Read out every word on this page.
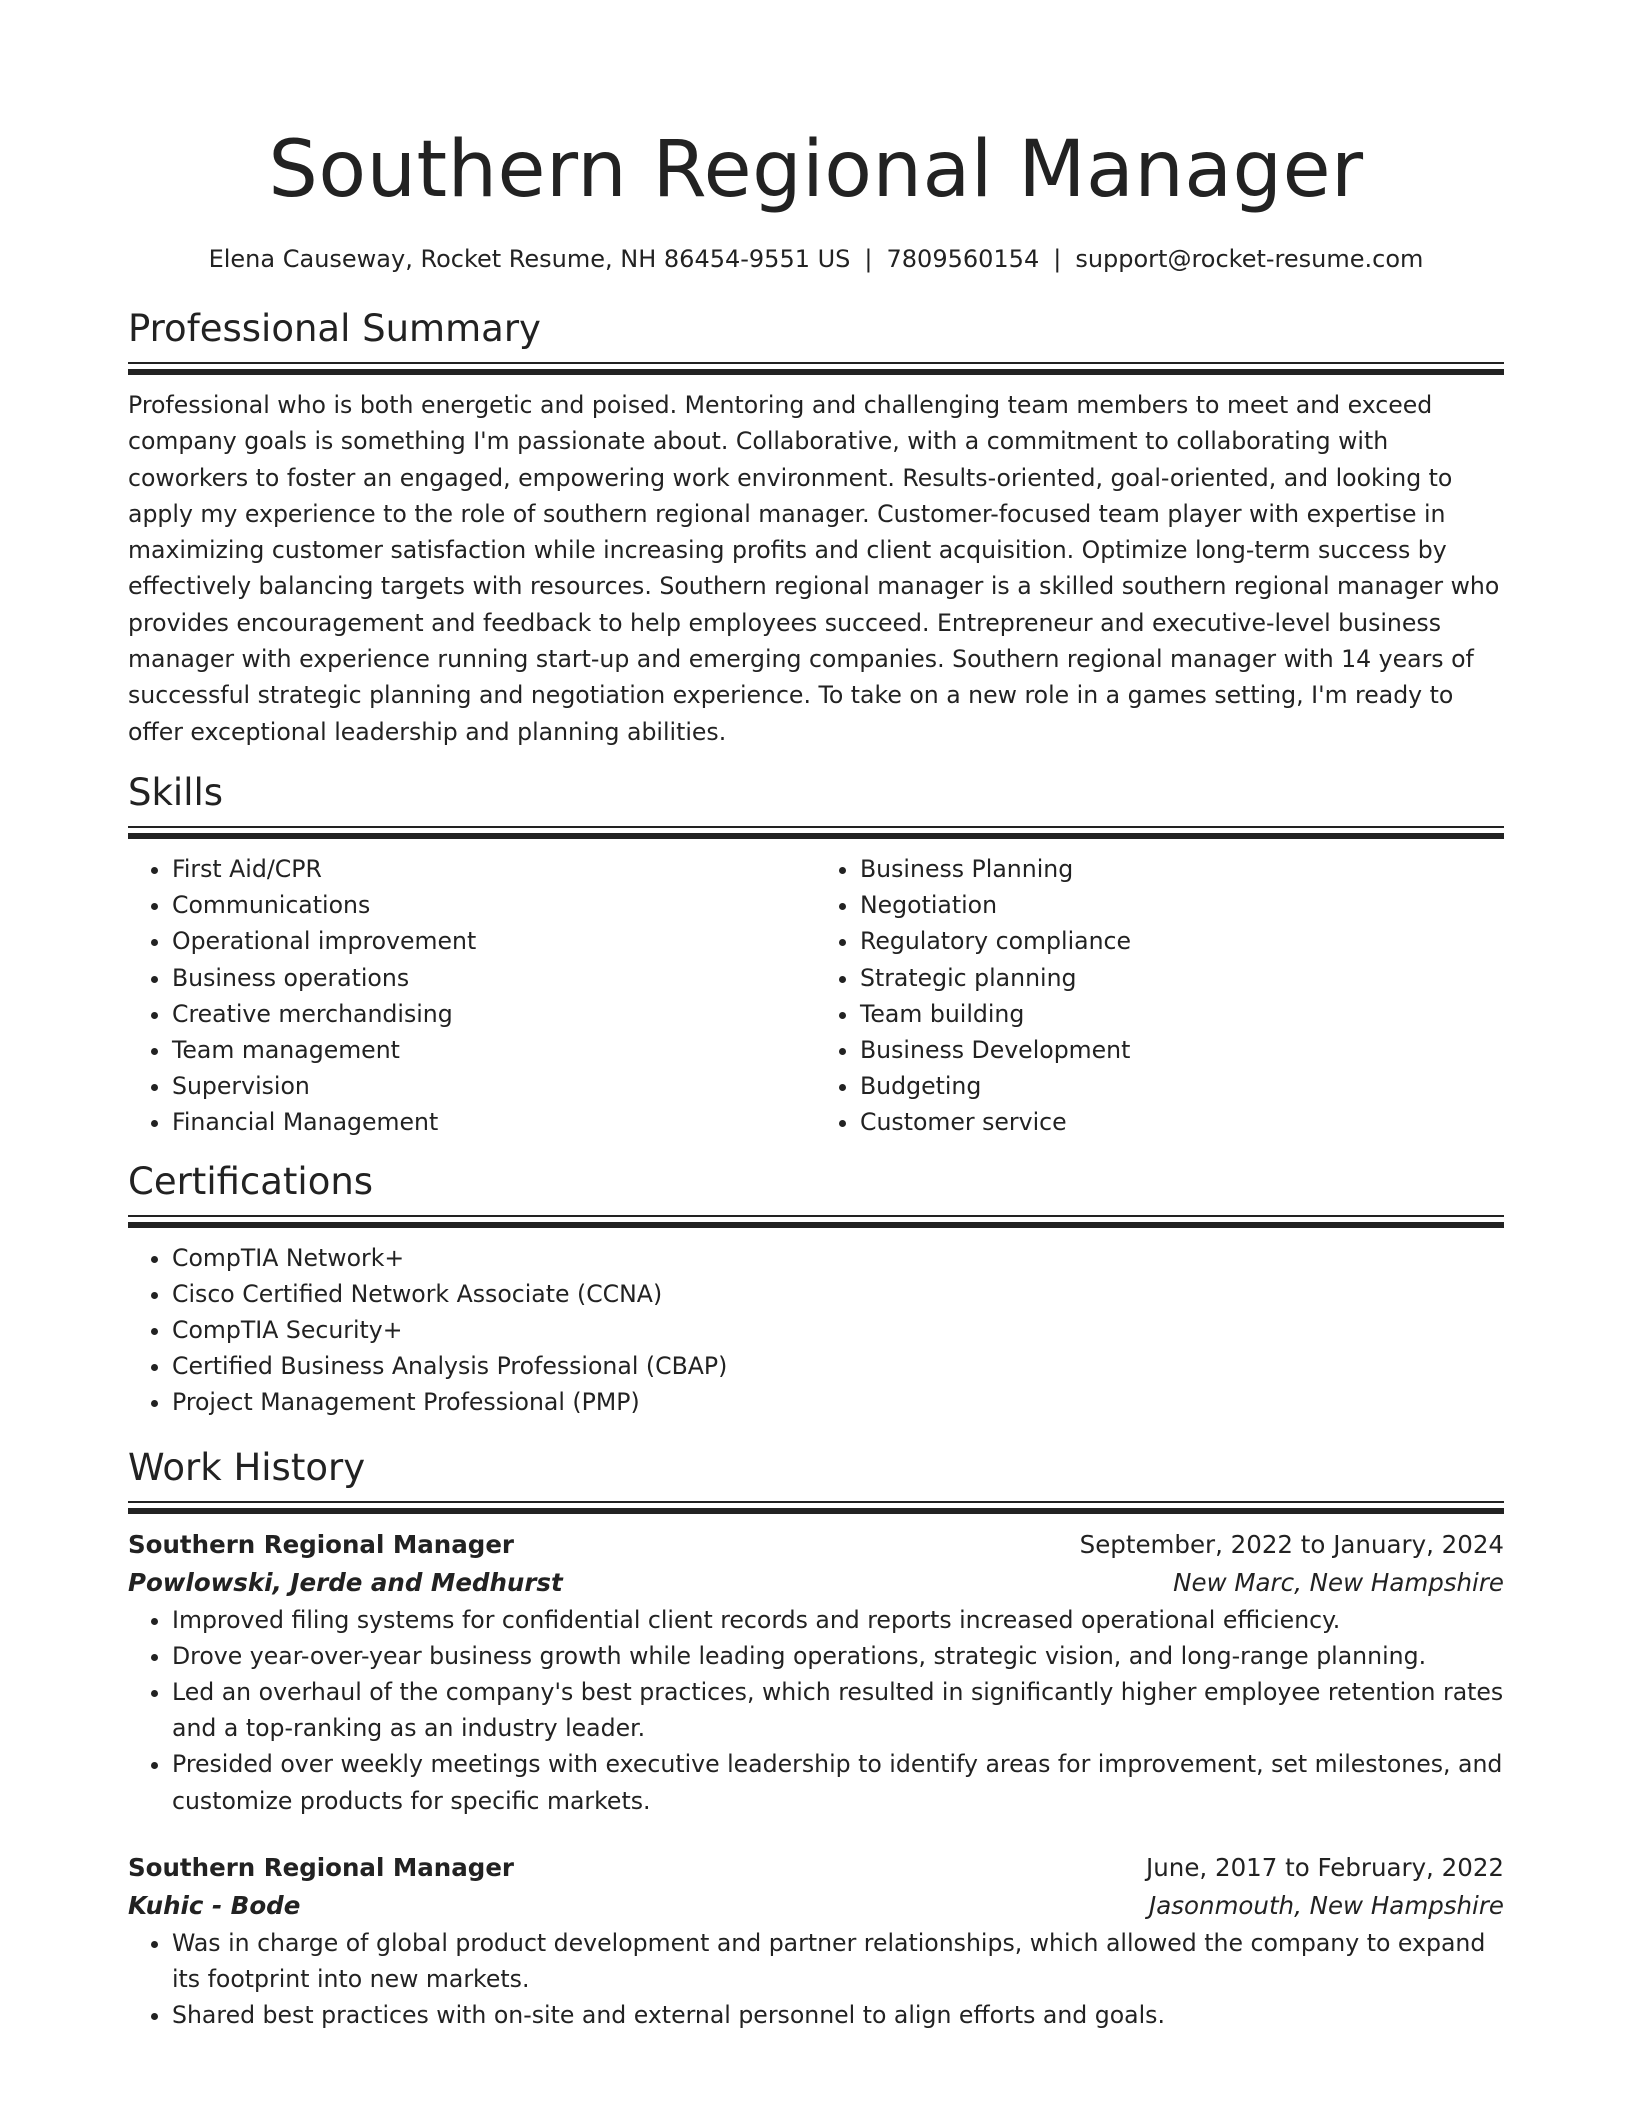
Southern Regional Manager
Elena Causeway, Rocket Resume, NH 86454-9551 US | 7809560154 | support@rocket-resume.com
Professional Summary

Professional who is both energetic and poised. Mentoring and challenging team members to meet and exceed company goals is something I'm passionate about. Collaborative, with a commitment to collaborating with coworkers to foster an engaged, empowering work environment. Results-oriented, goal-oriented, and looking to apply my experience to the role of southern regional manager. Customer-focused team player with expertise in maximizing customer satisfaction while increasing profits and client acquisition. Optimize long-term success by effectively balancing targets with resources. Southern regional manager is a skilled southern regional manager who provides encouragement and feedback to help employees succeed. Entrepreneur and executive-level business manager with experience running start-up and emerging companies. Southern regional manager with 14 years of successful strategic planning and negotiation experience. To take on a new role in a games setting, I'm ready to offer exceptional leadership and planning abilities.

Skills
• First Aid/CPR
• Communications
• Operational improvement
• Business operations
• Creative merchandising
• Team management
• Supervision
• Financial Management
• Business Planning
• Negotiation
• Regulatory compliance
• Strategic planning
• Team building
• Business Development
• Budgeting
• Customer service
Certifications
• CompTIA Network+
• Cisco Certified Network Associate (CCNA)
• CompTIA Security+
• Certified Business Analysis Professional (CBAP)
• Project Management Professional (PMP)
Work History
Southern Regional Manager	September, 2022 to January, 2024
Powlowski, Jerde and Medhurst	New Marc, New Hampshire
• Improved filing systems for confidential client records and reports increased operational efficiency.
• Drove year-over-year business growth while leading operations, strategic vision, and long-range planning.
• Led an overhaul of the company's best practices, which resulted in significantly higher employee retention rates and a top-ranking as an industry leader.
• Presided over weekly meetings with executive leadership to identify areas for improvement, set milestones, and customize products for specific markets.
Southern Regional Manager	June, 2017 to February, 2022
Kuhic - Bode	Jasonmouth, New Hampshire
• Was in charge of global product development and partner relationships, which allowed the company to expand its footprint into new markets.
• Shared best practices with on-site and external personnel to align efforts and goals.
